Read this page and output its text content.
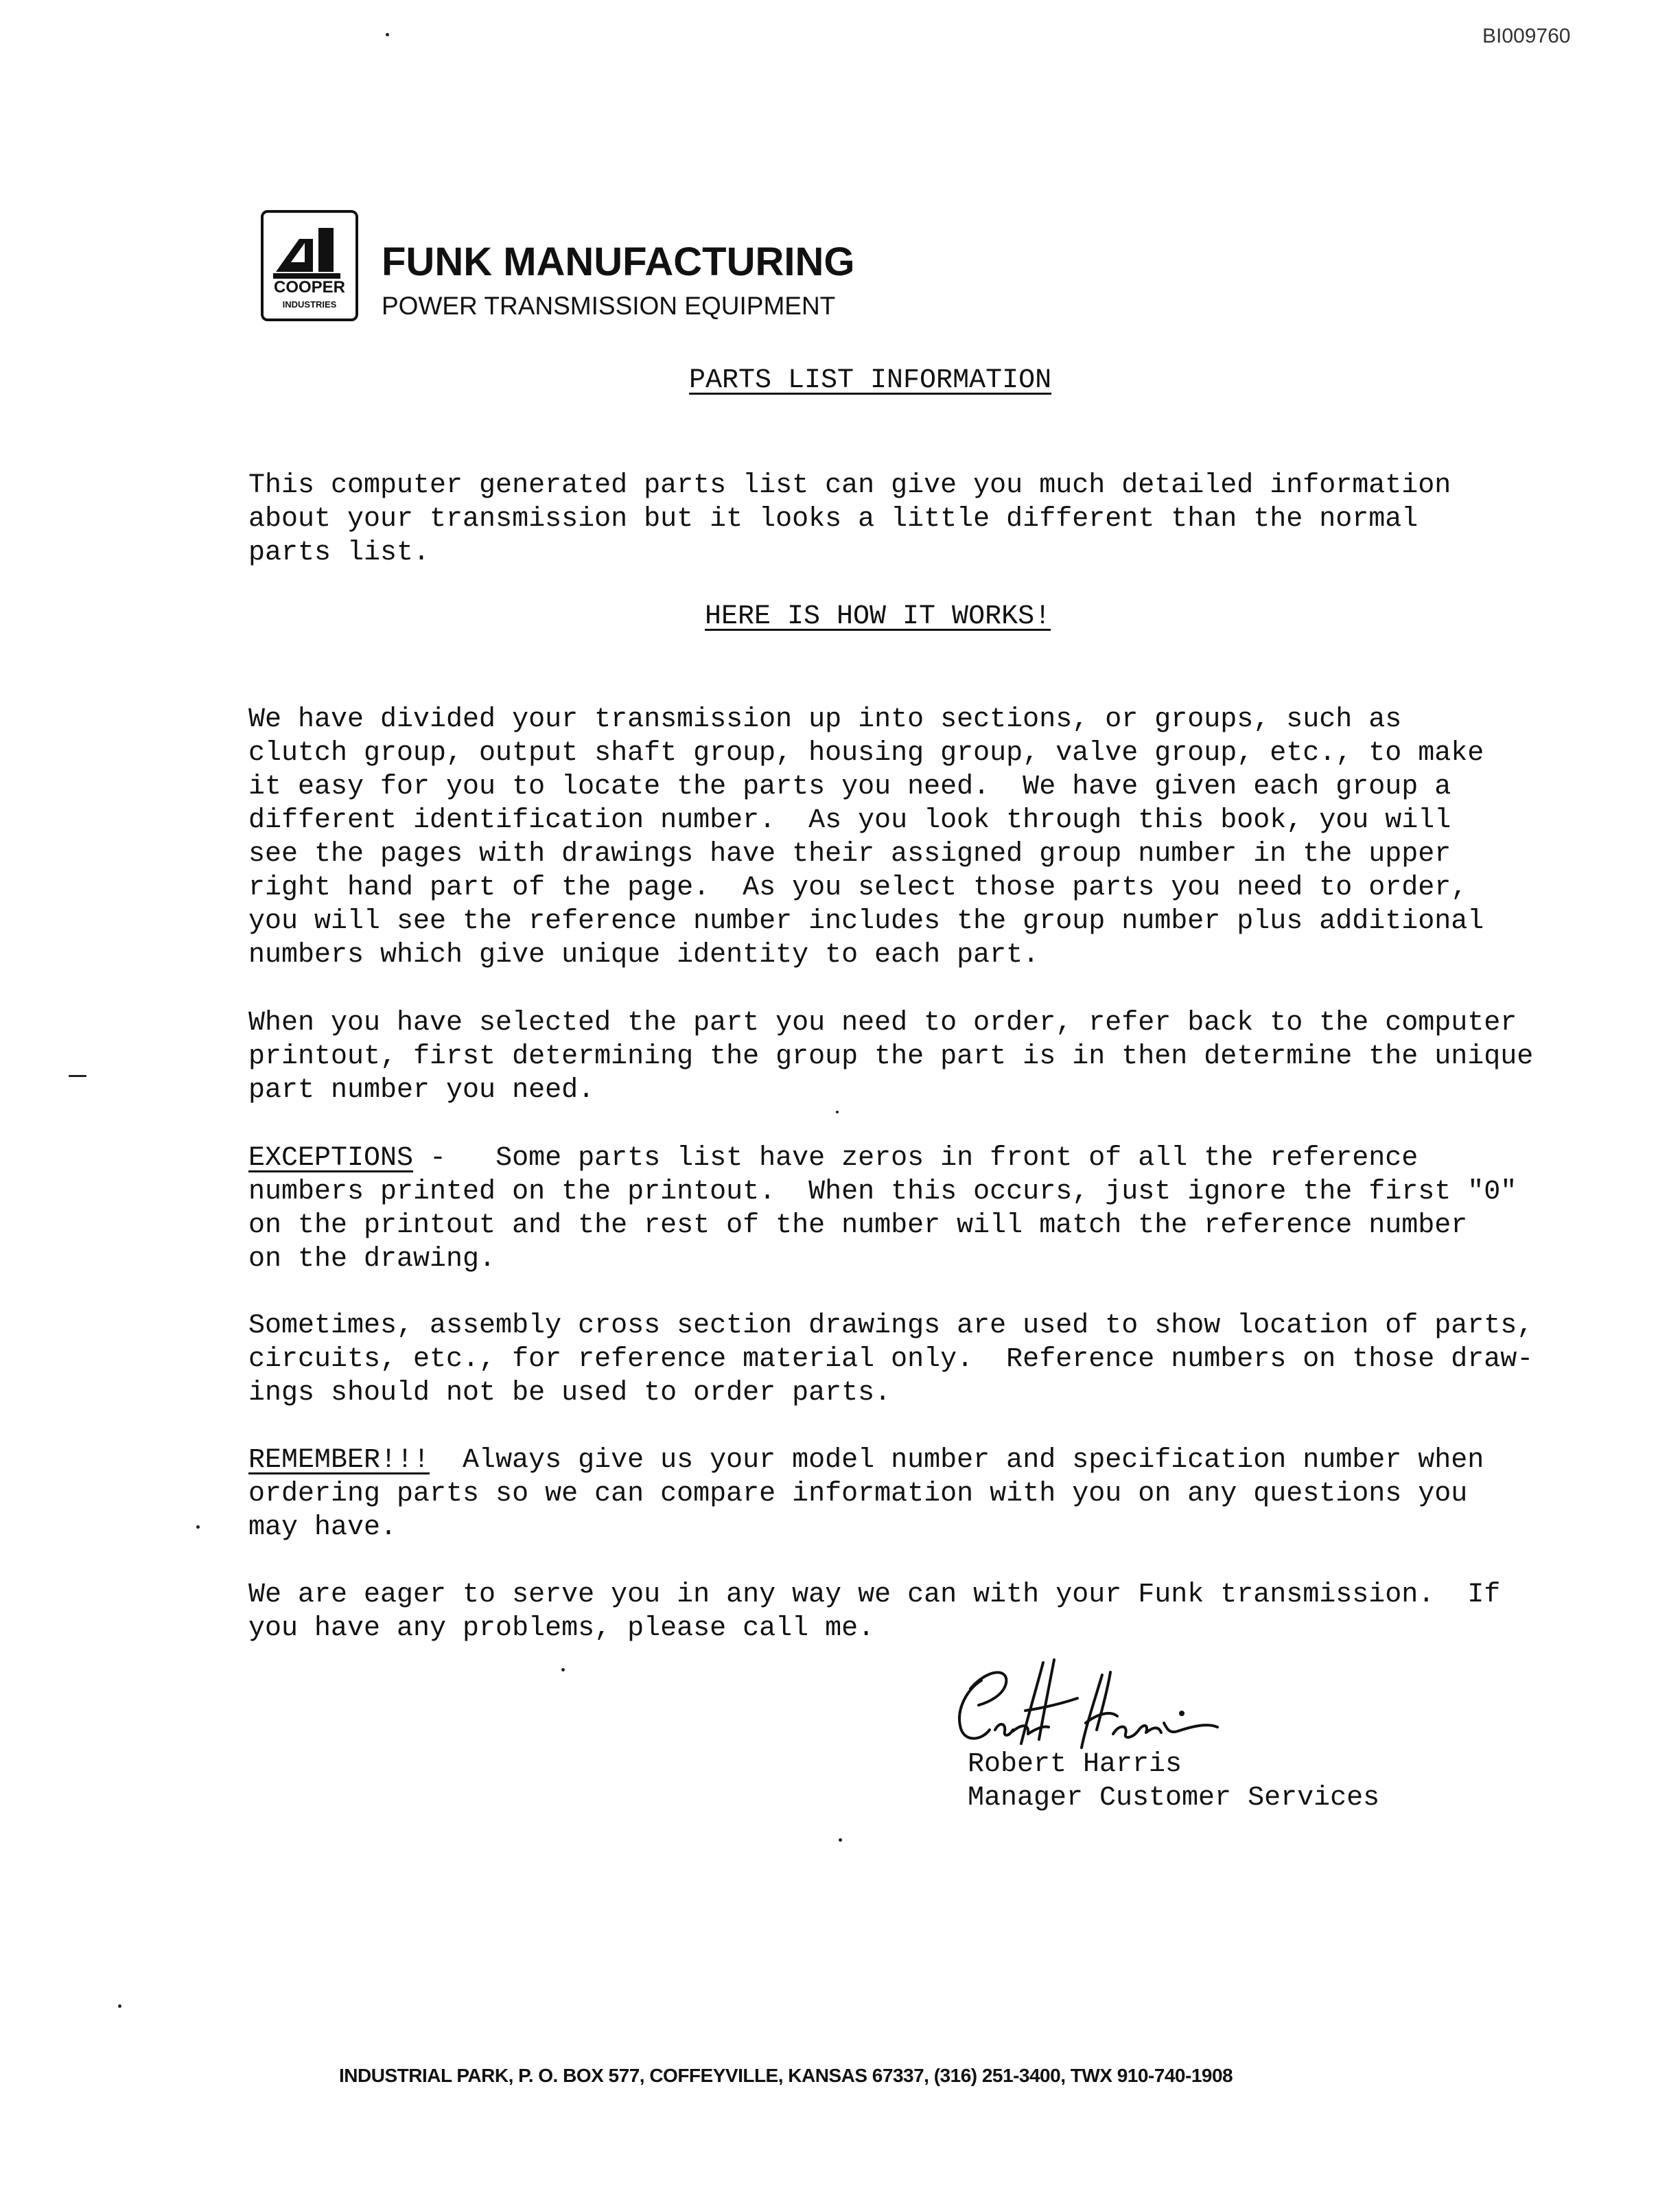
BI009760
COOPER
INDUSTRIES
FUNK MANUFACTURING
POWER TRANSMISSION EQUIPMENT
PARTS LIST INFORMATION
This computer generated parts list can give you much detailed information
about your transmission but it looks a little different than the normal
parts list.
HERE IS HOW IT WORKS!
We have divided your transmission up into sections, or groups, such as
clutch group, output shaft group, housing group, valve group, etc., to make
it easy for you to locate the parts you need.  We have given each group a
different identification number.  As you look through this book, you will
see the pages with drawings have their assigned group number in the upper
right hand part of the page.  As you select those parts you need to order,
you will see the reference number includes the group number plus additional
numbers which give unique identity to each part.
When you have selected the part you need to order, refer back to the computer
printout, first determining the group the part is in then determine the unique
part number you need.
EXCEPTIONS -   Some parts list have zeros in front of all the reference
numbers printed on the printout.  When this occurs, just ignore the first "0"
on the printout and the rest of the number will match the reference number
on the drawing.
Sometimes, assembly cross section drawings are used to show location of parts,
circuits, etc., for reference material only.  Reference numbers on those draw-
ings should not be used to order parts.
REMEMBER!!!  Always give us your model number and specification number when
ordering parts so we can compare information with you on any questions you
may have.
We are eager to serve you in any way we can with your Funk transmission.  If
you have any problems, please call me.
Robert Harris
Manager Customer Services
INDUSTRIAL PARK, P. O. BOX 577, COFFEYVILLE, KANSAS 67337, (316) 251-3400, TWX 910-740-1908
